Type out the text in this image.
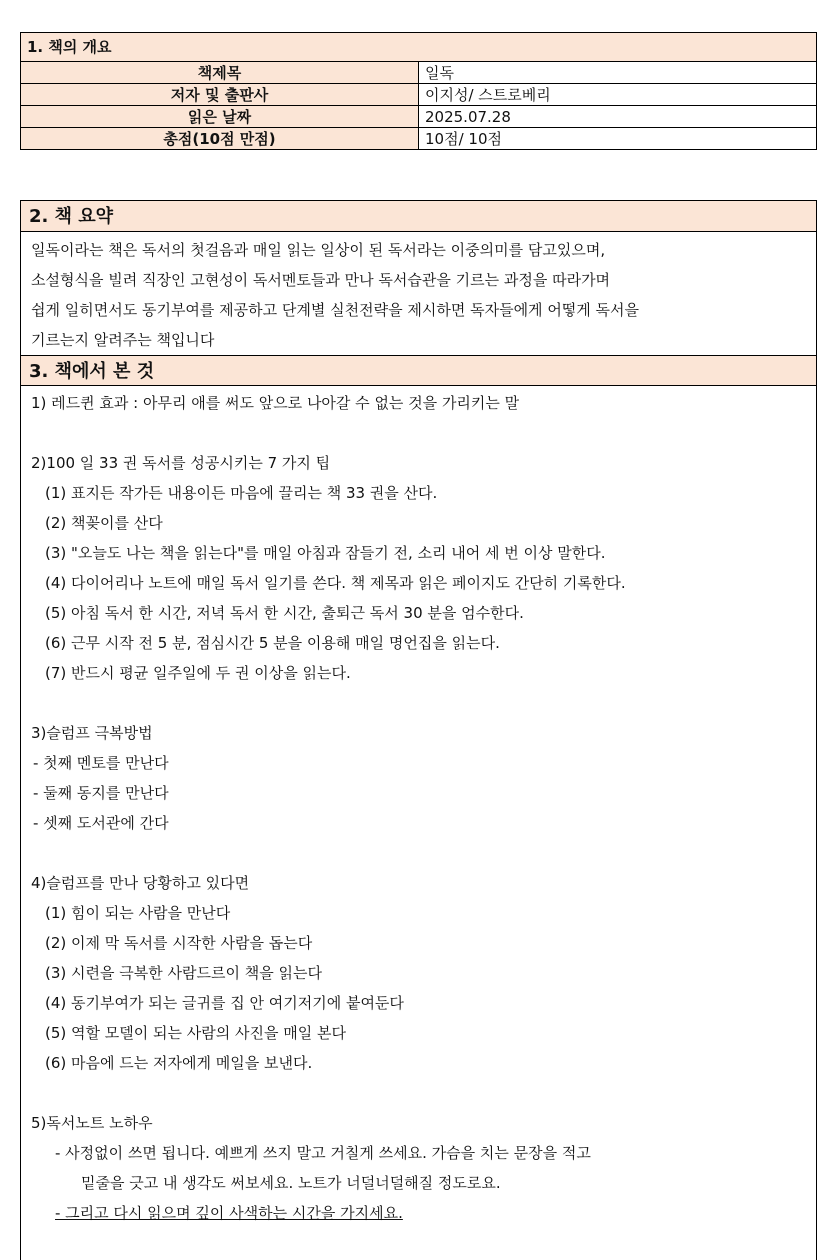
1. 책의 개요	
책제목	일독
저자 및 출판사	이지성/ 스트로베리
읽은 날짜	2025.07.28
총점(10점 만점)	10점/ 10점
2. 책 요약
일독이라는 책은 독서의 첫걸음과 매일 읽는 일상이 된 독서라는 이중의미를 담고있으며,
소설형식을 빌려 직장인 고현성이 독서멘토들과 만나 독서습관을 기르는 과정을 따라가며
쉽게 일히면서도 동기부여를 제공하고 단계별 실천전략을 제시하면 독자들에게 어떻게 독서을
기르는지 알려주는 책입니다
3. 책에서 본 것
1) 레드퀸 효과 : 아무리 애를 써도 앞으로 나아갈 수 없는 것을 가리키는 말
2)100 일 33 권 독서를 성공시키는 7 가지 팁
(1) 표지든 작가든 내용이든 마음에 끌리는 책 33 권을 산다.
(2) 책꽂이를 산다
(3) "오늘도 나는 책을 읽는다"를 매일 아침과 잠들기 전, 소리 내어 세 번 이상 말한다.
(4) 다이어리나 노트에 매일 독서 일기를 쓴다. 책 제목과 읽은 페이지도 간단히 기록한다.
(5) 아침 독서 한 시간, 저녁 독서 한 시간, 출퇴근 독서 30 분을 엄수한다.
(6) 근무 시작 전 5 분, 점심시간 5 분을 이용해 매일 명언집을 읽는다.
(7) 반드시 평균 일주일에 두 권 이상을 읽는다.
3)슬럼프 극복방법
- 첫째 멘토를 만난다
- 둘째 동지를 만난다
- 셋째 도서관에 간다
4)슬럼프를 만나 당황하고 있다면
(1) 힘이 되는 사람을 만난다
(2) 이제 막 독서를 시작한 사람을 돕는다
(3) 시련을 극복한 사람드르이 책을 읽는다
(4) 동기부여가 되는 글귀를 집 안 여기저기에 붙여둔다
(5) 역할 모델이 되는 사람의 사진을 매일 본다
(6) 마음에 드는 저자에게 메일을 보낸다.
5)독서노트 노하우
- 사정없이 쓰면 됩니다. 예쁘게 쓰지 말고 거칠게 쓰세요. 가슴을 치는 문장을 적고
밑줄을 긋고 내 생각도 써보세요. 노트가 너덜너덜해질 정도로요.
- 그리고 다시 읽으며 깊이 사색하는 시간을 가지세요.
